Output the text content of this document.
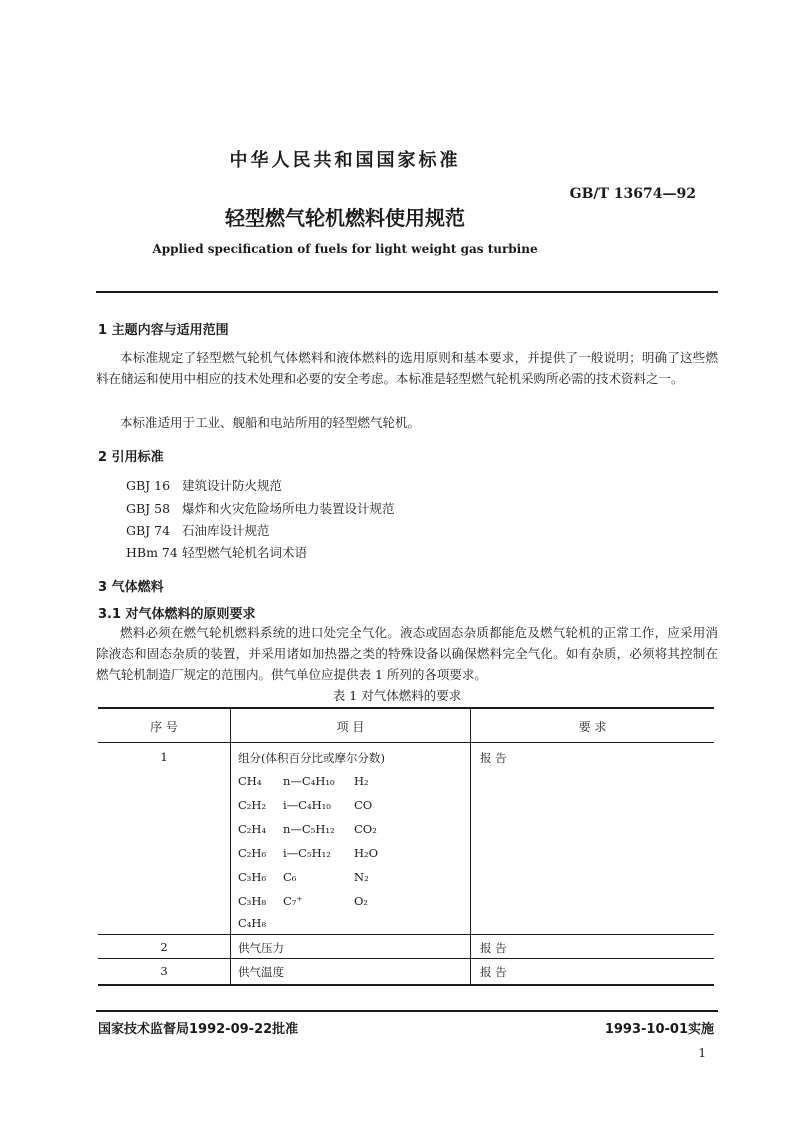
中华人民共和国国家标准
GB/T 13674—92
轻型燃气轮机燃料使用规范
Applied specification of fuels for light weight gas turbine
1 主题内容与适用范围
本标准规定了轻型燃气轮机气体燃料和液体燃料的选用原则和基本要求，并提供了一般说明；明确了这些燃料在储运和使用中相应的技术处理和必要的安全考虑。本标准是轻型燃气轮机采购所必需的技术资料之一。
本标准适用于工业、舰船和电站所用的轻型燃气轮机。
2 引用标准
GBJ 16 建筑设计防火规范
GBJ 58 爆炸和火灾危险场所电力装置设计规范
GBJ 74 石油库设计规范
HBm 74 轻型燃气轮机名词术语
3 气体燃料
3.1 对气体燃料的原则要求
燃料必须在燃气轮机燃料系统的进口处完全气化。液态或固态杂质都能危及燃气轮机的正常工作，应采用消除液态和固态杂质的装置，并采用诸如加热器之类的特殊设备以确保燃料完全气化。如有杂质，必须将其控制在燃气轮机制造厂规定的范围内。供气单位应提供表 1 所列的各项要求。
表 1 对气体燃料的要求
序 号	项 目	要 求
1	组分(体积百分比或摩尔分数)	报 告
CH₄ n—C₄H₁₀ H₂
C₂H₂ i—C₄H₁₀ CO
C₂H₄ n—C₅H₁₂ CO₂
C₂H₆ i—C₅H₁₂ H₂O
C₃H₆ C₆	N₂
C₃H₈ C₇⁺	O₂
C₄H₈
2	供气压力	报 告
3	供气温度	报 告
国家技术监督局1992-09-22批准	1993-10-01实施
1
